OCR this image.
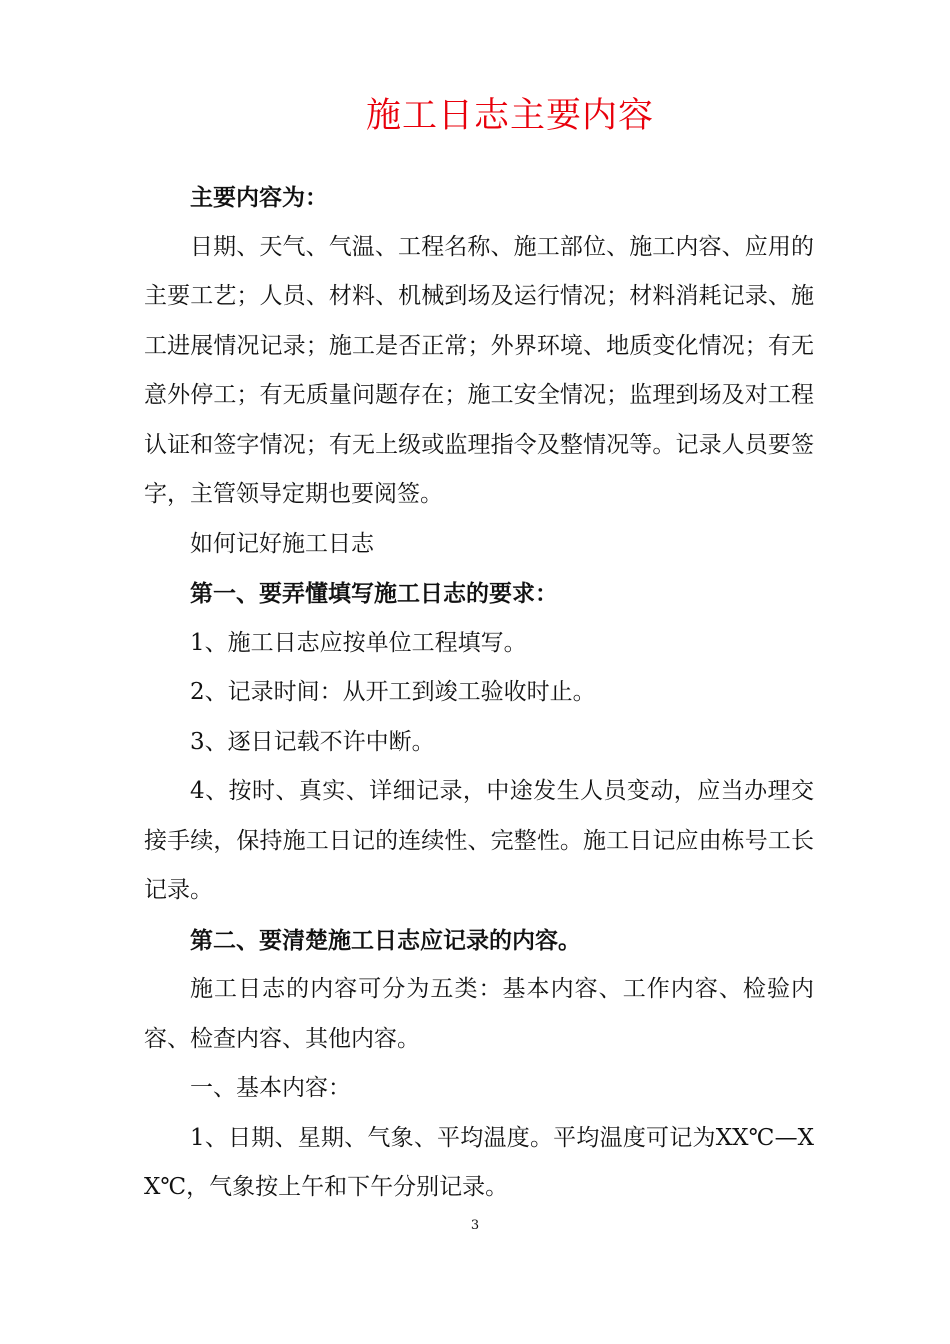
施工日志主要内容

主要内容为：

日期、天气、气温、工程名称、施工部位、施工内容、应用的主要工艺；人员、材料、机械到场及运行情况；材料消耗记录、施工进展情况记录；施工是否正常；外界环境、地质变化情况；有无意外停工；有无质量问题存在；施工安全情况；监理到场及对工程认证和签字情况；有无上级或监理指令及整情况等。记录人员要签字，主管领导定期也要阅签。

如何记好施工日志

第一、要弄懂填写施工日志的要求：

1、施工日志应按单位工程填写。

2、记录时间：从开工到竣工验收时止。

3、逐日记载不许中断。

4、按时、真实、详细记录，中途发生人员变动，应当办理交接手续，保持施工日记的连续性、完整性。施工日记应由栋号工长记录。

第二、要清楚施工日志应记录的内容。

施工日志的内容可分为五类：基本内容、工作内容、检验内容、检查内容、其他内容。

一、基本内容：

1、日期、星期、气象、平均温度。平均温度可记为XX℃—XX℃，气象按上午和下午分别记录。

3
